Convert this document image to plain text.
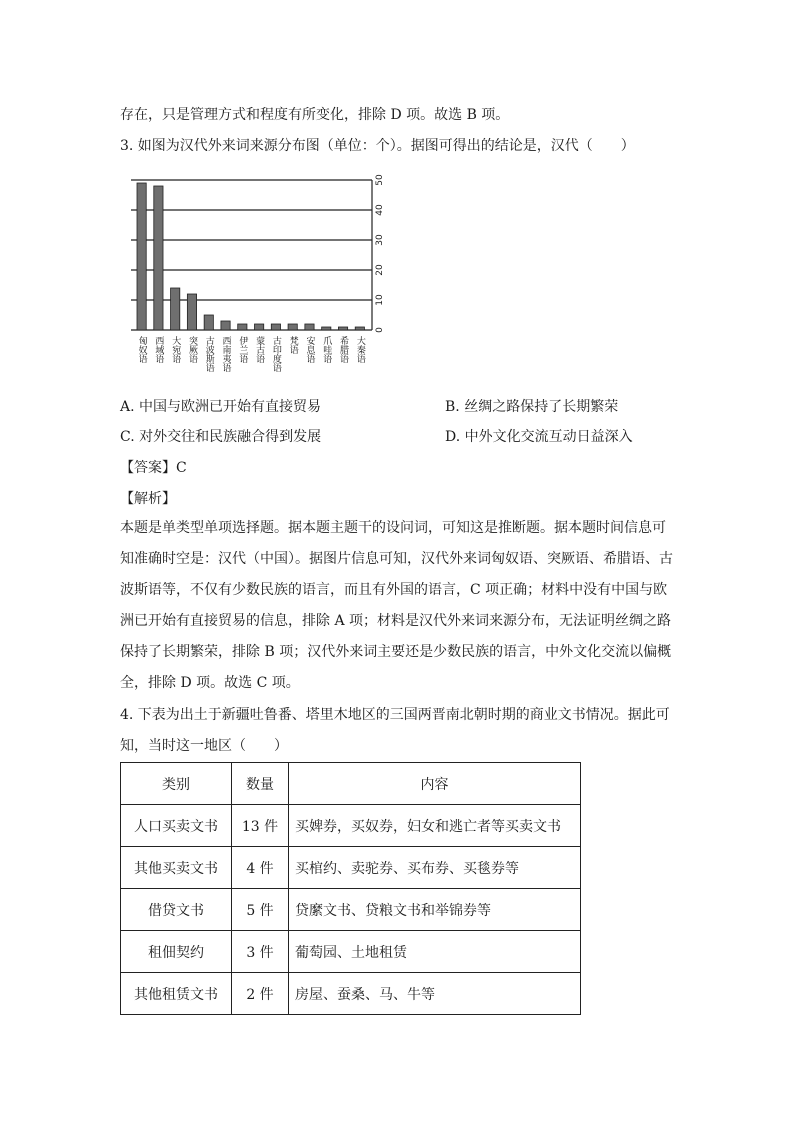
存在，只是管理方式和程度有所变化，排除 D 项。故选 B 项。
3. 如图为汉代外来词来源分布图（单位：个）。据图可得出的结论是，汉代（　　）
0
10
20
30
40
50
匈奴语 西域语 大宛语 突厥语 古波斯语 西南夷语 伊兰语 蒙古语 古印度语 梵语 安息语 爪哇语 希腊语 大秦语
A. 中国与欧洲已开始有直接贸易	B. 丝绸之路保持了长期繁荣
C. 对外交往和民族融合得到发展	D. 中外文化交流互动日益深入
【答案】C
【解析】
本题是单类型单项选择题。据本题主题干的设问词，可知这是推断题。据本题时间信息可
知准确时空是：汉代（中国）。据图片信息可知，汉代外来词匈奴语、突厥语、希腊语、古
波斯语等，不仅有少数民族的语言，而且有外国的语言，C 项正确；材料中没有中国与欧
洲已开始有直接贸易的信息，排除 A 项；材料是汉代外来词来源分布，无法证明丝绸之路
保持了长期繁荣，排除 B 项；汉代外来词主要还是少数民族的语言，中外文化交流以偏概
全，排除 D 项。故选 C 项。
4. 下表为出土于新疆吐鲁番、塔里木地区的三国两晋南北朝时期的商业文书情况。据此可
知，当时这一地区（　　）
类别	数量	内容
人口买卖文书	13 件	买婢券，买奴券，妇女和逃亡者等买卖文书
其他买卖文书	4 件	买棺约、卖驼券、买布券、买毯券等
借贷文书	5 件	贷縻文书、贷粮文书和举锦券等
租佃契约	3 件	葡萄园、土地租赁
其他租赁文书	2 件	房屋、蚕桑、马、牛等
